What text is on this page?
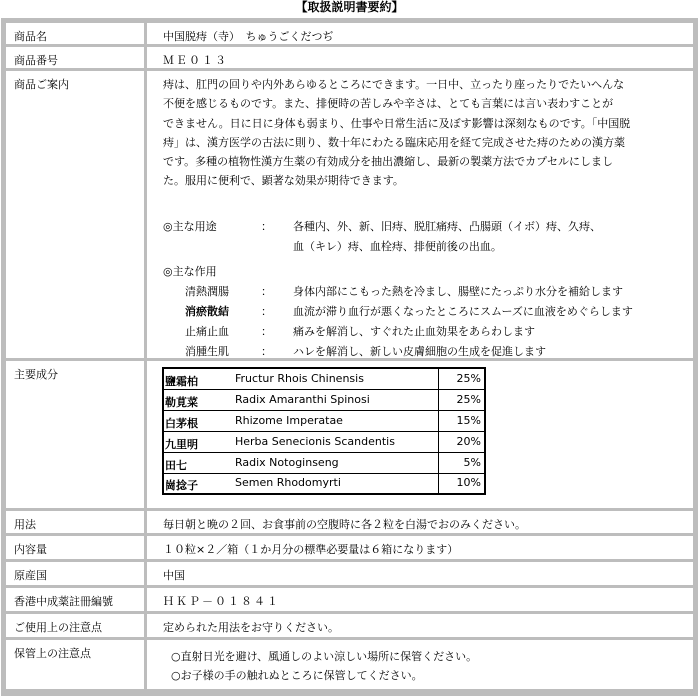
【取扱説明書要約】
商品名	中国脱痔（寺）　ちゅうごくだつぢ
商品番号	ＭＥ０１３
商品ご案内	痔は、肛門の回りや内外あらゆるところにできます。一日中、立ったり座ったりでたいへんな
不便を感じるものです。また、排便時の苦しみや辛さは、とても言葉には言い表わすことが
できません。日に日に身体も弱まり、仕事や日常生活に及ぼす影響は深刻なものです。「中国脱
痔」は、漢方医学の古法に則り、数十年にわたる臨床応用を経て完成させた痔のための漢方薬
です。多種の植物性漢方生薬の有効成分を抽出濃縮し、最新の製薬方法でカプセルにしまし
た。服用に便利で、顕著な効果が期待できます。
◎主な用途	： 各種内、外、新、旧痔、脱肛痛痔、凸腸頭（イボ）痔、久痔、
血（キレ）痔、血栓痔、排便前後の出血。
◎主な作用
清熱潤腸	： 身体内部にこもった熱を冷まし、腸壁にたっぷり水分を補給します
消瘀散結	： 血流が滞り血行が悪くなったところにスムーズに血液をめぐらします
止痛止血	： 痛みを解消し、すぐれた止血効果をあらわします
消腫生肌	： ハレを解消し、新しい皮膚細胞の生成を促進します
主要成分	鹽霜柏	Fructur Rhois Chinensis	25%
勒莧菜	Radix Amaranthi Spinosi	25%
白茅根	Rhizome Imperatae	15%
九里明	Herba Senecionis Scandentis	20%
田七	Radix Notoginseng	5%
崗捻子	Semen Rhodomyrti	10%
用法	毎日朝と晩の２回、お食事前の空腹時に各２粒を白湯でおのみください。
内容量	１０粒×２／箱（１か月分の標準必要量は６箱になります）
原産国	中国
香港中成薬註冊編號	ＨＫＰ－０１８４１
ご使用上の注意点	定められた用法をお守りください。
保管上の注意点	○直射日光を避け、風通しのよい涼しい場所に保管ください。
○お子様の手の触れぬところに保管してください。
